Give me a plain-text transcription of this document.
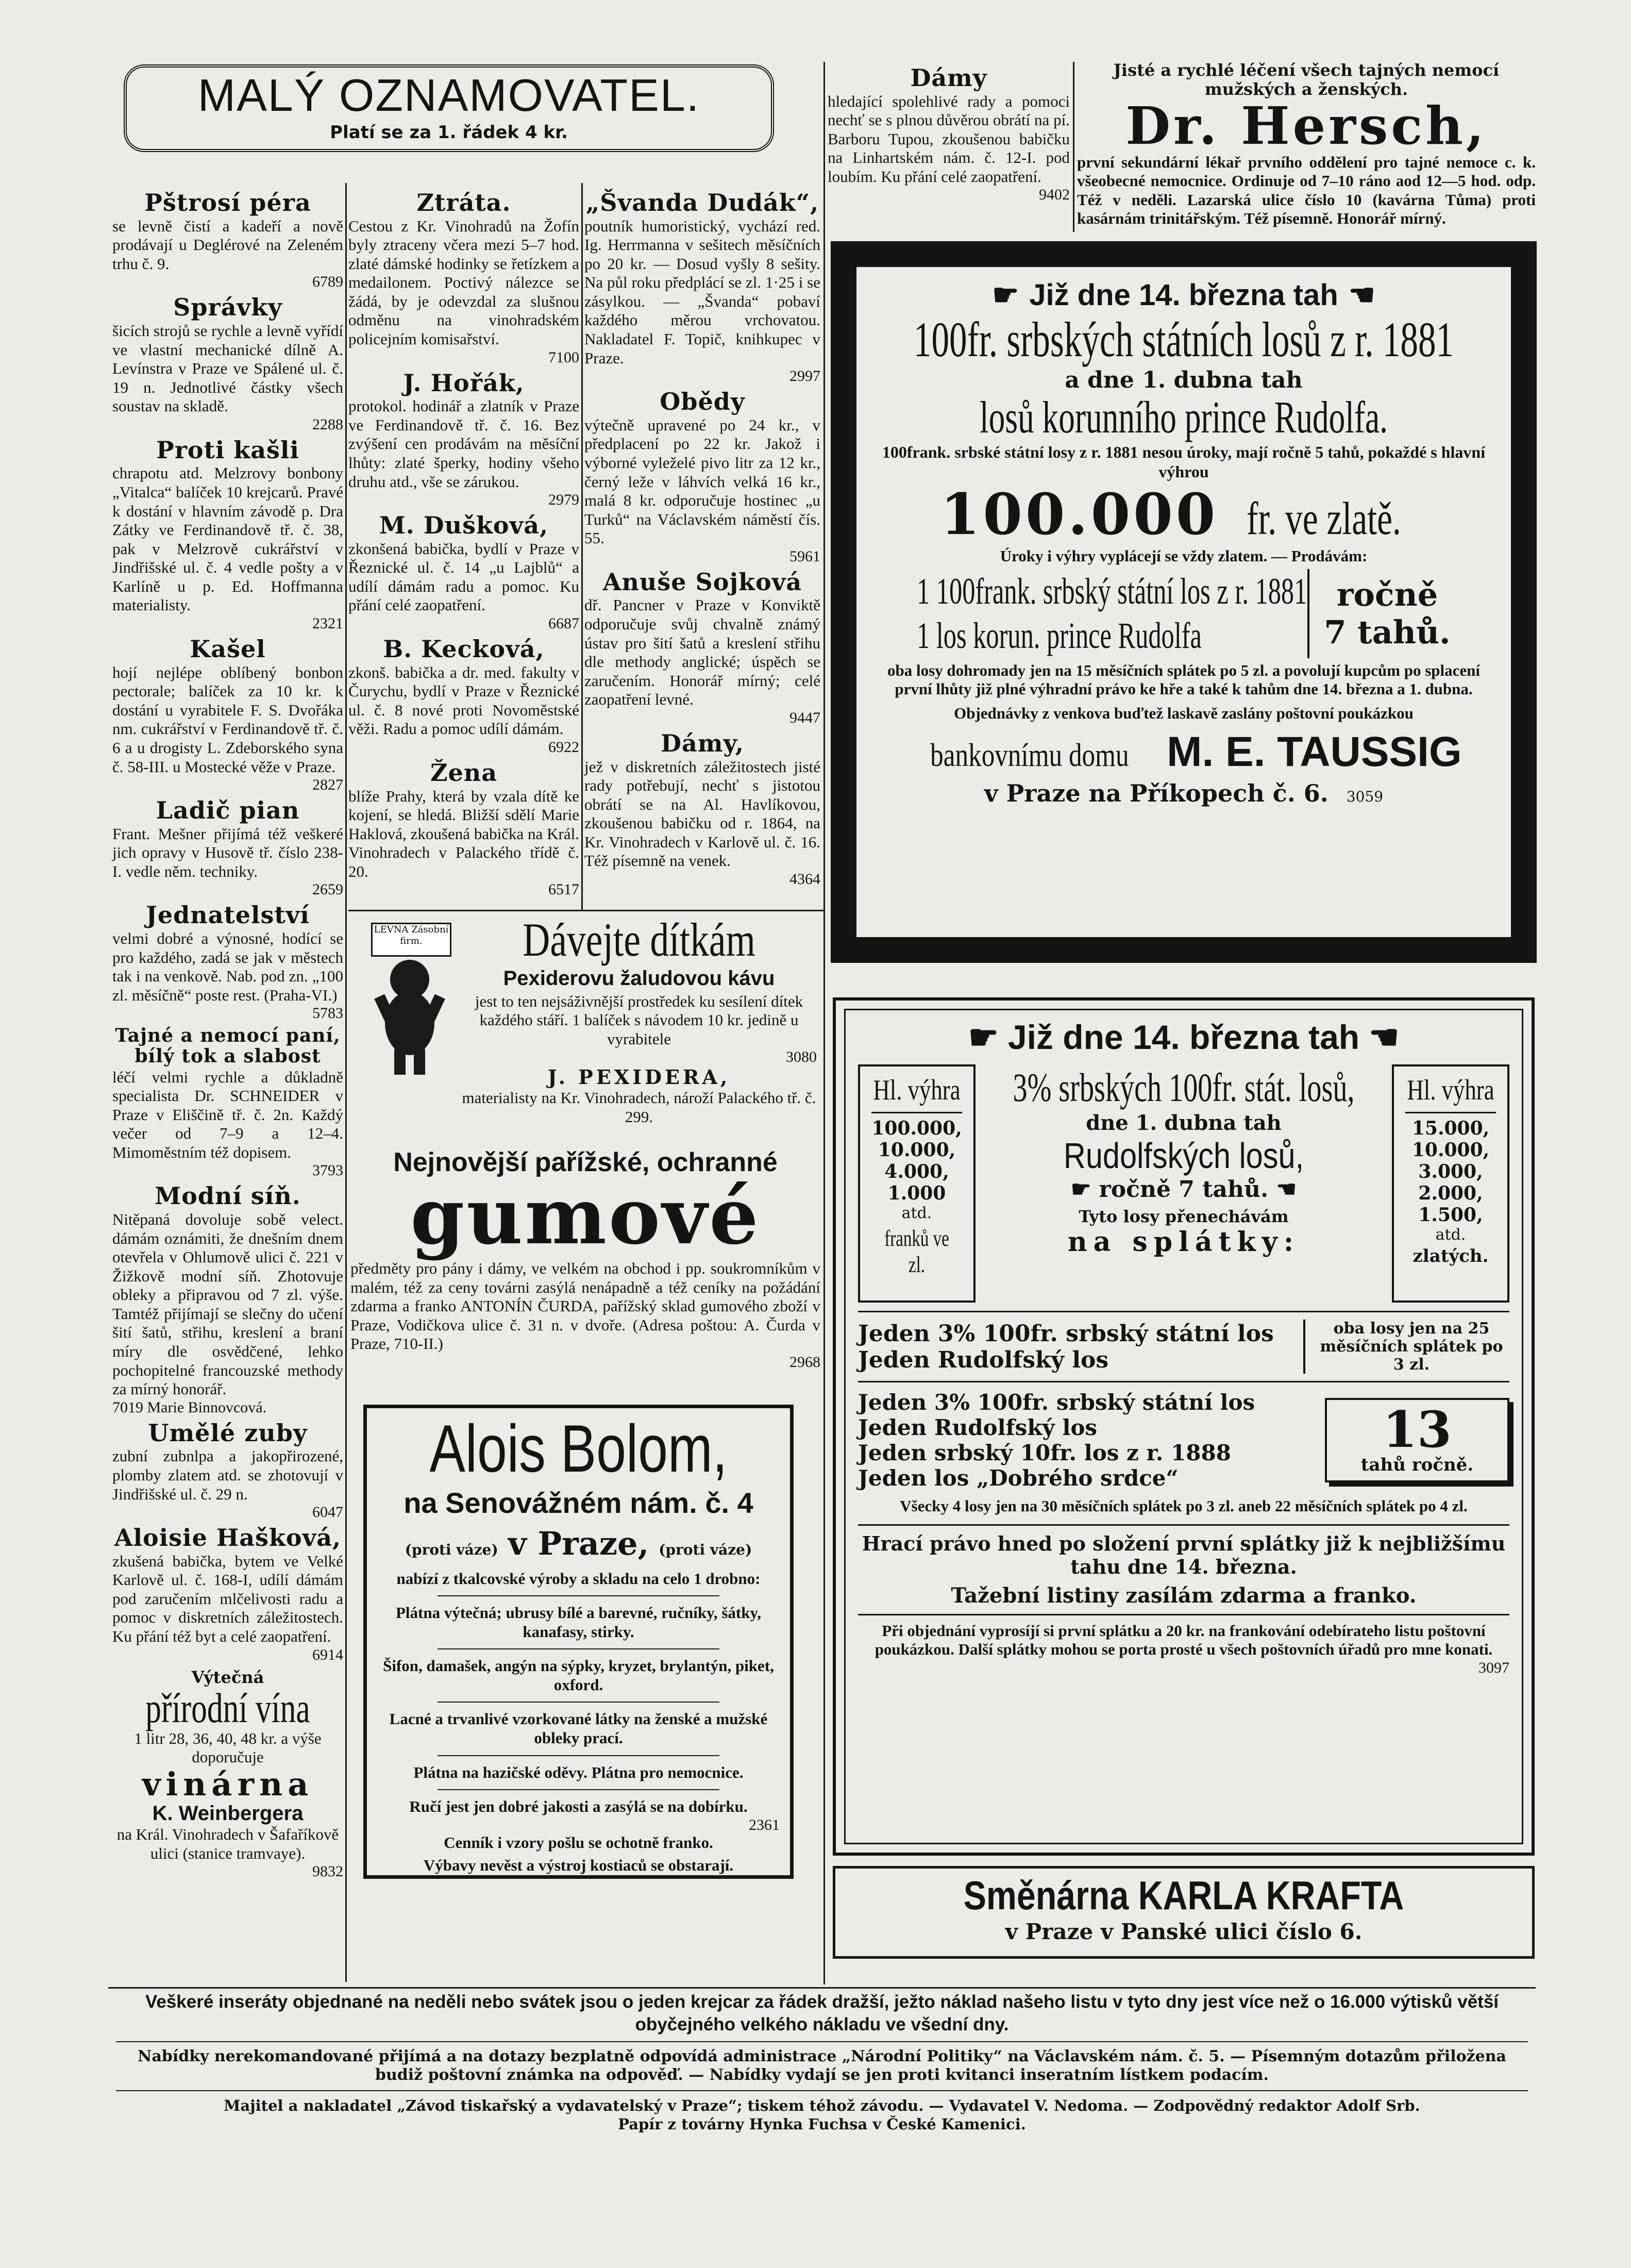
MALÝ OZNAMOVATEL.
Platí se za 1. řádek 4 kr.
Pštrosí péra

se levně čistí a kadeří a nově prodávají u Deglérové na Zeleném trhu č. 9.

6789
Správky

šicích strojů se rychle a levně vyřídí ve vlastní mechanické dílně A. Levínstra v Praze ve Spálené ul. č. 19 n. Jednotlivé částky všech soustav na skladě.

2288
Proti kašli

chrapotu atd. Melzrovy bonbony „Vitalca“ balíček 10 krejcarů. Pravé k dostání v hlavním závodě p. Dra Zátky ve Ferdinandově tř. č. 38, pak v Melzrově cukrářství v Jindřišské ul. č. 4 vedle pošty a v Karlíně u p. Ed. Hoffmanna materialisty.

2321
Kašel

hojí nejlépe oblíbený bonbon pectorale; balíček za 10 kr. k dostání u vyrabitele F. S. Dvořáka nm. cukrářství v Ferdinandově tř. č. 6 a u drogisty L. Zdeborského syna č. 58-III. u Mostecké věže v Praze.

2827
Ladič pian

Frant. Mešner přijímá též veškeré jich opravy v Husově tř. číslo 238-I. vedle něm. techniky.

2659
Jednatelství

velmi dobré a výnosné, hodící se pro každého, zadá se jak v městech tak i na venkově. Nab. pod zn. „100 zl. měsíčně“ poste rest. (Praha-VI.)

5783
Tajné a nemocí paní, bílý tok a slabost

léčí velmi rychle a důkladně specialista Dr. SCHNEIDER v Praze v Eliščině tř. č. 2n. Každý večer od 7–9 a 12–4. Mimoměstním též dopisem.

3793
Modní síň.

Nitěpaná dovoluje sobě velect. dámám oznámiti, že dnešním dnem otevřela v Ohlumově ulici č. 221 v Žižkově modní síň. Zhotovuje obleky a připravou od 7 zl. výše. Tamtéž přijímají se slečny do učení šití šatů, střihu, kreslení a braní míry dle osvědčené, lehko pochopitelné francouzské methody za mírný honorář.

7019 Marie Binnovcová.
Umělé zuby

zubní zubnlpa a jakopřirozené, plomby zlatem atd. se zhotovují v Jindřišské ul. č. 29 n.

6047
Aloisie Hašková,

zkušená babička, bytem ve Velké Karlově ul. č. 168-I, udílí dámám pod zaručením mlčelivosti radu a pomoc v diskretních záležitostech. Ku přání též byt a celé zaopatření.

6914
Výtečná
přírodní vína
1 litr 28, 36, 40, 48 kr. a výše doporučuje
vinárna
K. Weinbergera
na Král. Vinohradech v Šafaříkově ulici (stanice tramvaye).
9832
Ztráta.

Cestou z Kr. Vinohradů na Žofín byly ztraceny včera mezi 5–7 hod. zlaté dámské hodinky se řetízkem a medailonem. Poctivý nálezce se žádá, by je odevzdal za slušnou odměnu na vinohradském policejním komisařství.

7100
J. Hořák,

protokol. hodinář a zlatník v Praze ve Ferdinandově tř. č. 16. Bez zvýšení cen prodávám na měsíční lhůty: zlaté šperky, hodiny všeho druhu atd., vše se zárukou.

2979
M. Dušková,

zkonšená babička, bydlí v Praze v Řeznické ul. č. 14 „u Lajblů“ a udílí dámám radu a pomoc. Ku přání celé zaopatření.

6687
B. Kecková,

zkonš. babička a dr. med. fakulty v Čurychu, bydlí v Praze v Řeznické ul. č. 8 nové proti Novoměstské věži. Radu a pomoc udílí dámám.

6922
Žena

blíže Prahy, která by vzala dítě ke kojení, se hledá. Bližší sdělí Marie Haklová, zkoušená babička na Král. Vinohradech v Palackého třídě č. 20.

6517
„Švanda Dudák“,

poutník humoristický, vychází red. Ig. Herrmanna v sešitech měsíčních po 20 kr. — Dosud vyšly 8 sešity. Na půl roku předplácí se zl. 1·25 i se zásylkou. — „Švanda“ pobaví každého měrou vrchovatou. Nakladatel F. Topič, knihkupec v Praze.

2997
Obědy

výtečně upravené po 24 kr., v předplacení po 22 kr. Jakož i výborné vyleželé pivo litr za 12 kr., černý leže v láhvích velká 16 kr., malá 8 kr. odporučuje hostinec „u Turků“ na Václavském náměstí čís. 55.

5961
Anuše Sojková

dř. Pancner v Praze v Konviktě odporučuje svůj chvalně známý ústav pro šití šatů a kreslení střihu dle methody anglické; úspěch se zaručením. Honorář mírný; celé zaopatření levné.

9447
Dámy,

jež v diskretních záležitostech jisté rady potřebují, nechť s jistotou obrátí se na Al. Havlíkovou, zkoušenou babičku od r. 1864, na Kr. Vinohradech v Karlově ul. č. 16. Též písemně na venek.

4364
LEVNA Zásobní firm.	Dávejte dítkám
Pexiderovu žaludovou kávu
jest to ten nejsáživnější prostředek ku sesílení dítek každého stáří. 1 balíček s návodem 10 kr. jedině u vyrabitele
3080
J. PEXIDERA,
materialisty na Kr. Vinohradech, nároží Palackého tř. č. 299.
Nejnovější pařížské, ochranné
gumové
předměty pro pány i dámy, ve velkém na obchod i pp. soukromníkům v malém, též za ceny továrni zasýlá nenápadně a též ceníky na požádání zdarma a franko ANTONÍN ČURDA, pařížský sklad gumového zboží v Praze, Vodičkova ulice č. 31 n. v dvoře. (Adresa poštou: A. Čurda v Praze, 710-II.)
2968
Alois Bolom,
na Senovážném nám. č. 4
(proti váze) v Praze, (proti váze)
nabízí z tkalcovské výroby a skladu na celo 1 drobno:
Plátna výtečná; ubrusy bílé a barevné, ručníky, šátky, kanafasy, stirky.
Šifon, damašek, angýn na sýpky, kryzet, brylantýn, piket, oxford.
Lacné a trvanlivé vzorkované látky na ženské a mužské obleky prací.
Plátna na hazičské oděvy. Plátna pro nemocnice.
Ručí jest jen dobré jakosti a zasýlá se na dobírku.
2361
Cenník i vzory pošlu se ochotně franko.
Výbavy nevěst a výstroj kostiaců se obstarají.
Dámy

hledající spolehlivé rady a pomoci nechť se s plnou důvěrou obrátí na pí. Barboru Tupou, zkoušenou babičku na Linhartském nám. č. 12-I. pod loubím. Ku přání celé zaopatření.

9402
Jisté a rychlé léčení všech tajných nemocí mužských a ženských.
Dr. Hersch,

první sekundární lékař prvního oddělení pro tajné nemoce c. k. všeobecné nemocnice. Ordinuje od 7–10 ráno aod 12—5 hod. odp. Též v neděli. Lazarská ulice číslo 10 (kavárna Tůma) proti kasárnám trinitářským. Též písemně. Honorář mírný.

☛ Již dne 14. března tah ☚
100fr. srbských státních losů z r. 1881
a dne 1. dubna tah
losů korunního prince Rudolfa.
100frank. srbské státní losy z r. 1881 nesou úroky, mají ročně 5 tahů, pokaždé s hlavní výhrou
100.000 fr. ve zlatě.
Úroky i výhry vyplácejí se vždy zlatem. — Prodávám:
1 100frank. srbský státní los z r. 1881
1 los korun. prince Rudolfa
ročně
7 tahů.
oba losy dohromady jen na 15 měsíčních splátek po 5 zl. a povolují kupcům po splacení první lhůty již plné výhradní právo ke hře a také k tahům dne 14. března a 1. dubna.
Objednávky z venkova buďtež laskavě zaslány poštovní poukázkou
bankovnímu domu M. E. TAUSSIG
v Praze na Příkopech č. 6. 3059
☛ Již dne 14. března tah ☚
Hl. výhra
100.000,
10.000,
4.000,
1.000
atd.
franků ve zl.
3% srbských 100fr. stát. losů,
dne 1. dubna tah
Rudolfských losů,
☛ ročně 7 tahů. ☚
Tyto losy přenechávám
na splátky:
Hl. výhra
15.000,
10.000,
3.000,
2.000,
1.500,
atd.
zlatých.
Jeden 3% 100fr. srbský státní los
Jeden Rudolfský los
oba losy jen na 25 měsíčních splátek po 3 zl.
Jeden 3% 100fr. srbský státní los
Jeden Rudolfský los
Jeden srbský 10fr. los z r. 1888
Jeden los „Dobrého srdce“
13
tahů ročně.
Všecky 4 losy jen na 30 měsíčních splátek po 3 zl. aneb 22 měsíčních splátek po 4 zl.
Hrací právo hned po složení první splátky již k nejbližšímu tahu dne 14. března.
Tažební listiny zasílám zdarma a franko.
Při objednání vyprosíjí si první splátku a 20 kr. na frankování odebírateho listu poštovní poukázkou. Další splátky mohou se porta prosté u všech poštovních úřadů pro mne konati.
3097
Směnárna KARLA KRAFTA
v Praze v Panské ulici číslo 6.
Veškeré inseráty objednané na neděli nebo svátek jsou o jeden krejcar za řádek dražší, ježto náklad našeho listu v tyto dny jest více než o 16.000 výtisků větší obyčejného velkého nákladu ve všední dny.
Nabídky nerekomandované přijímá a na dotazy bezplatně odpovídá administrace „Národní Politiky“ na Václavském nám. č. 5. — Písemným dotazům přiložena budiž poštovní známka na odpověď. — Nabídky vydají se jen proti kvitanci inseratním lístkem podacím.
Majitel a nakladatel „Závod tiskařský a vydavatelský v Praze“; tiskem téhož závodu. — Vydavatel V. Nedoma. — Zodpovědný redaktor Adolf Srb.
Papír z továrny Hynka Fuchsa v České Kamenici.
